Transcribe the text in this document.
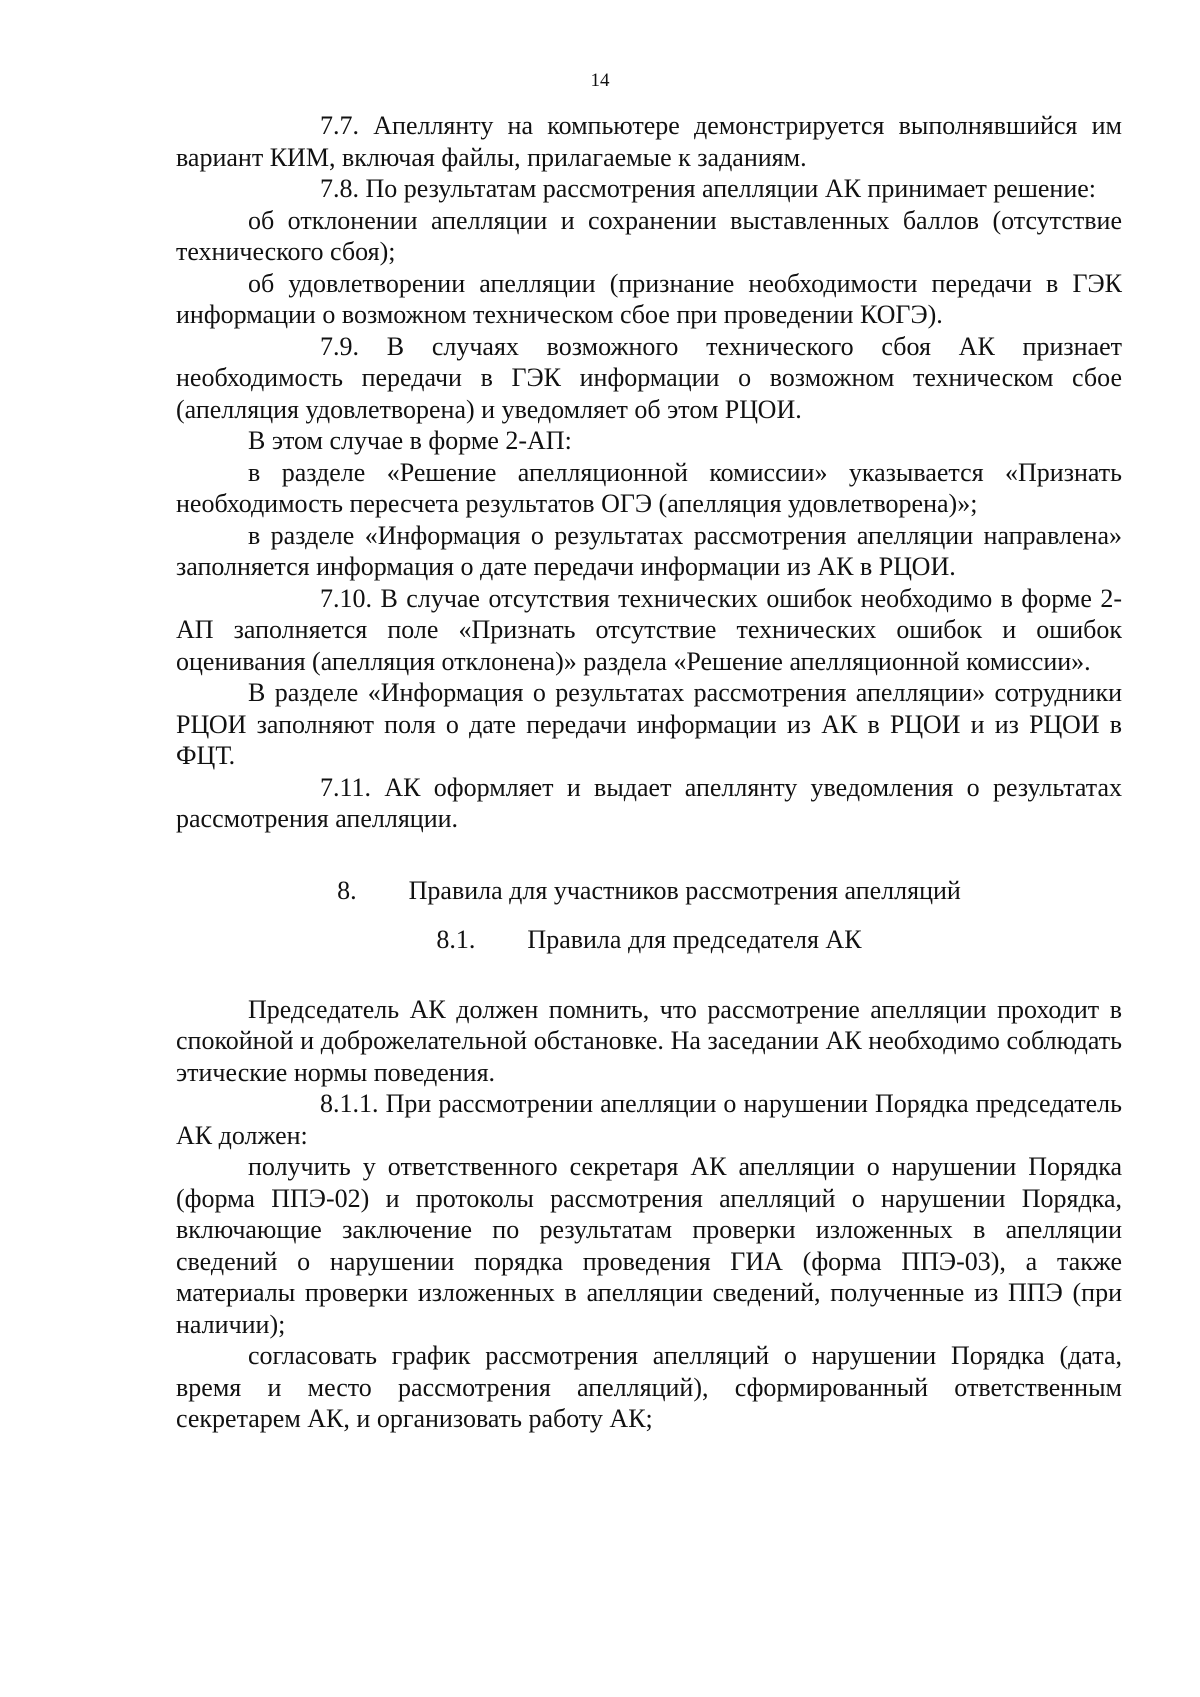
14

7.7. Апеллянту на компьютере демонстрируется выполнявшийся им вариант КИМ, включая файлы, прилагаемые к заданиям.

7.8. По результатам рассмотрения апелляции АК принимает решение:

об отклонении апелляции и сохранении выставленных баллов (отсутствие технического сбоя);

об удовлетворении апелляции (признание необходимости передачи в ГЭК информации о возможном техническом сбое при проведении КОГЭ).

7.9. В случаях возможного технического сбоя АК признает необходимость передачи в ГЭК информации о возможном техническом сбое (апелляция удовлетворена) и уведомляет об этом РЦОИ.

В этом случае в форме 2-АП:

в разделе «Решение апелляционной комиссии» указывается «Признать необходимость пересчета результатов ОГЭ (апелляция удовлетворена)»;

в разделе «Информация о результатах рассмотрения апелляции направлена» заполняется информация о дате передачи информации из АК в РЦОИ.

7.10. В случае отсутствия технических ошибок необходимо в форме 2-АП заполняется поле «Признать отсутствие технических ошибок и ошибок оценивания (апелляция отклонена)» раздела «Решение апелляционной комиссии».

В разделе «Информация о результатах рассмотрения апелляции» сотрудники РЦОИ заполняют поля о дате передачи информации из АК в РЦОИ и из РЦОИ в ФЦТ.

7.11. АК оформляет и выдает апеллянту уведомления о результатах рассмотрения апелляции.

8. Правила для участников рассмотрения апелляций

8.1. Правила для председателя АК

Председатель АК должен помнить, что рассмотрение апелляции проходит в спокойной и доброжелательной обстановке. На заседании АК необходимо соблюдать этические нормы поведения.

8.1.1. При рассмотрении апелляции о нарушении Порядка председатель АК должен:

получить у ответственного секретаря АК апелляции о нарушении Порядка (форма ППЭ-02) и протоколы рассмотрения апелляций о нарушении Порядка, включающие заключение по результатам проверки изложенных в апелляции сведений о нарушении порядка проведения ГИА (форма ППЭ-03), а также материалы проверки изложенных в апелляции сведений, полученные из ППЭ (при наличии);

согласовать график рассмотрения апелляций о нарушении Порядка (дата, время и место рассмотрения апелляций), сформированный ответственным секретарем АК, и организовать работу АК;
